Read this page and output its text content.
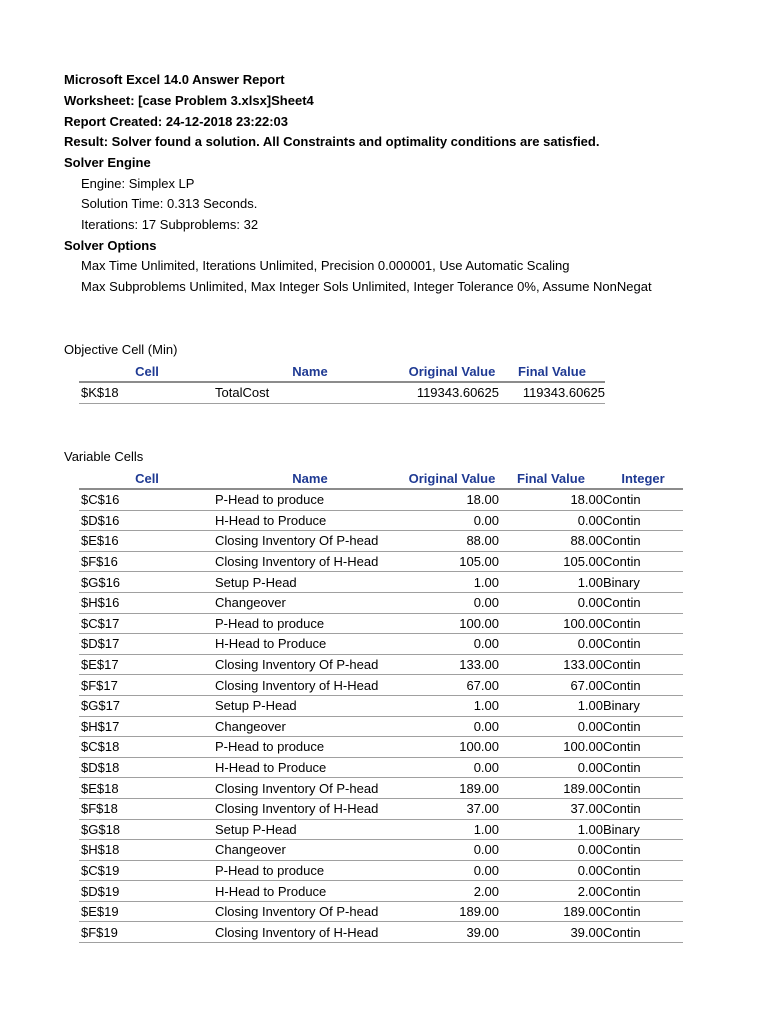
Microsoft Excel 14.0 Answer Report
Worksheet: [case Problem 3.xlsx]Sheet4
Report Created: 24-12-2018 23:22:03
Result: Solver found a solution. All Constraints and optimality conditions are satisfied.
Solver Engine
Engine: Simplex LP
Solution Time: 0.313 Seconds.
Iterations: 17 Subproblems: 32
Solver Options
Max Time Unlimited, Iterations Unlimited, Precision 0.000001, Use Automatic Scaling
Max Subproblems Unlimited, Max Integer Sols Unlimited, Integer Tolerance 0%, Assume NonNegat
Objective Cell (Min)
Cell	Name	Original Value	Final Value
$K$18	TotalCost	119343.60625	119343.60625
Variable Cells
Cell	Name	Original Value	Final Value	Integer
$C$16	P-Head to produce	18.00	18.00	Contin
$D$16	H-Head to Produce	0.00	0.00	Contin
$E$16	Closing Inventory Of P-head	88.00	88.00	Contin
$F$16	Closing Inventory of H-Head	105.00	105.00	Contin
$G$16	Setup P-Head	1.00	1.00	Binary
$H$16	Changeover	0.00	0.00	Contin
$C$17	P-Head to produce	100.00	100.00	Contin
$D$17	H-Head to Produce	0.00	0.00	Contin
$E$17	Closing Inventory Of P-head	133.00	133.00	Contin
$F$17	Closing Inventory of H-Head	67.00	67.00	Contin
$G$17	Setup P-Head	1.00	1.00	Binary
$H$17	Changeover	0.00	0.00	Contin
$C$18	P-Head to produce	100.00	100.00	Contin
$D$18	H-Head to Produce	0.00	0.00	Contin
$E$18	Closing Inventory Of P-head	189.00	189.00	Contin
$F$18	Closing Inventory of H-Head	37.00	37.00	Contin
$G$18	Setup P-Head	1.00	1.00	Binary
$H$18	Changeover	0.00	0.00	Contin
$C$19	P-Head to produce	0.00	0.00	Contin
$D$19	H-Head to Produce	2.00	2.00	Contin
$E$19	Closing Inventory Of P-head	189.00	189.00	Contin
$F$19	Closing Inventory of H-Head	39.00	39.00	Contin
